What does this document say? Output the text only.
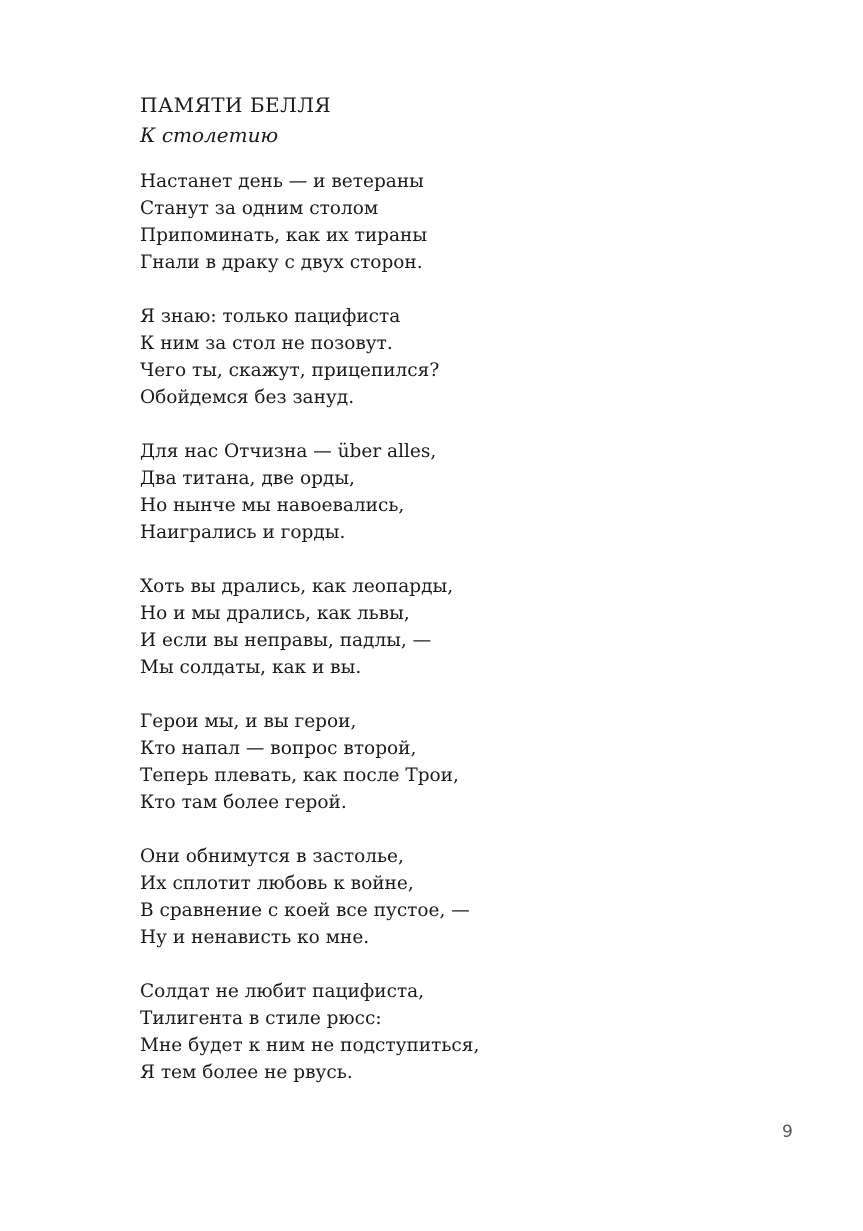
ПАМЯТИ БЕЛЛЯ
К столетию
Настанет день — и ветераны
Станут за одним столом
Припоминать, как их тираны
Гнали в драку с двух сторон.
Я знаю: только пацифиста
К ним за стол не позовут.
Чего ты, скажут, прицепился?
Обойдемся без зануд.
Для нас Отчизна — über alles,
Два титана, две орды,
Но нынче мы навоевались,
Наигрались и горды.
Хоть вы дрались, как леопарды,
Но и мы дрались, как львы,
И если вы неправы, падлы, —
Мы солдаты, как и вы.
Герои мы, и вы герои,
Кто напал — вопрос второй,
Теперь плевать, как после Трои,
Кто там более герой.
Они обнимутся в застолье,
Их сплотит любовь к войне,
В сравнение с коей все пустое, —
Ну и ненависть ко мне.
Солдат не любит пацифиста,
Тилигента в стиле рюсс:
Мне будет к ним не подступиться,
Я тем более не рвусь.
9
